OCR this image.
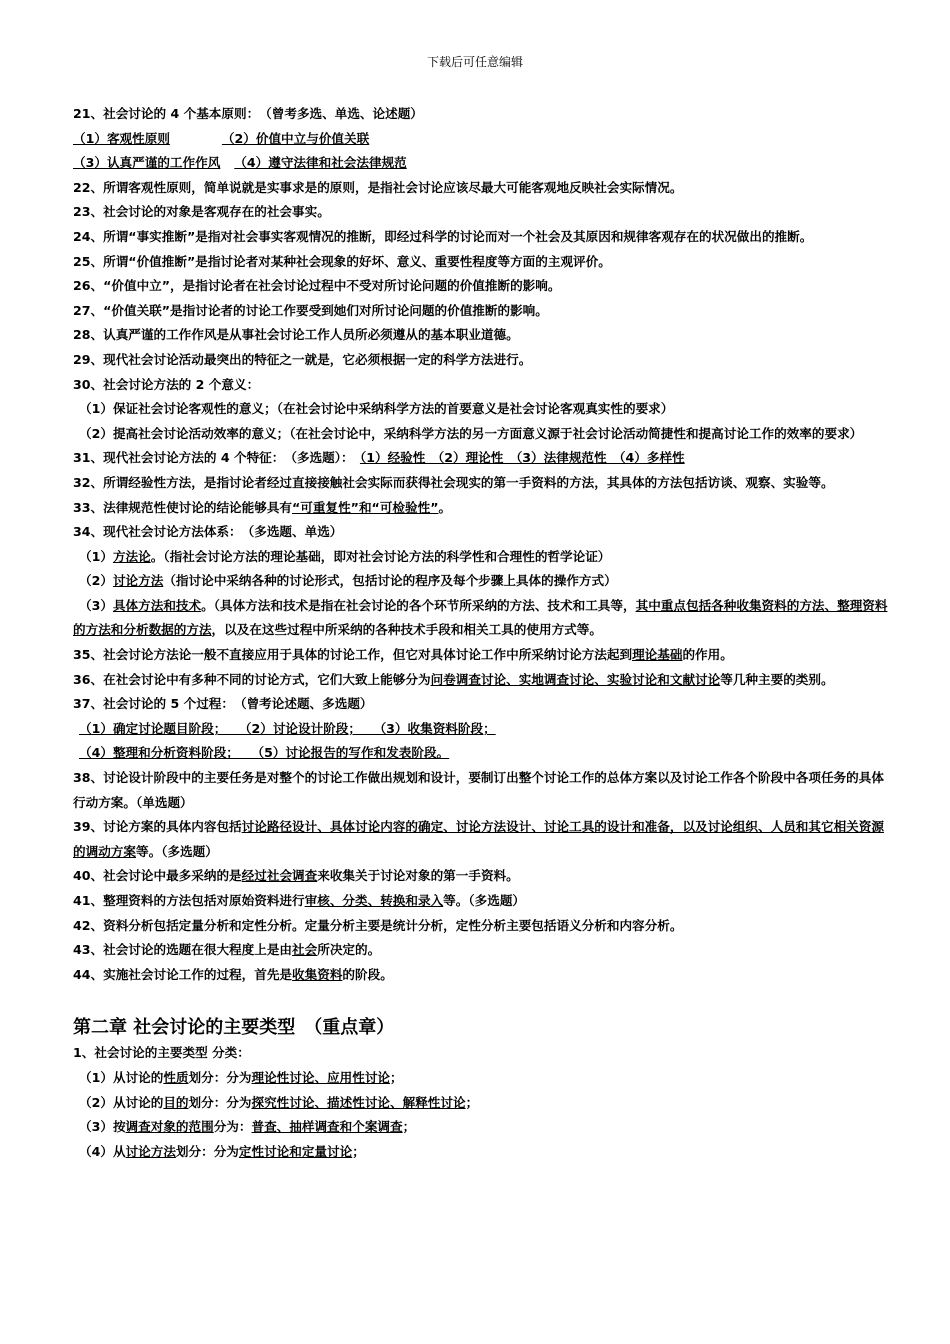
下载后可任意编辑
21、社会讨论的 4 个基本原则：　 （曾考多选、单选、论述题）
（1）客观性原则	（2）价值中立与价值关联
（3）认真严谨的工作作风 （4）遵守法律和社会法律规范
22、所谓客观性原则，简单说就是实事求是的原则，是指社会讨论应该尽最大可能客观地反映社会实际情况。
23、社会讨论的对象是客观存在的社会事实。
24、所谓“事实推断”是指对社会事实客观情况的推断，即经过科学的讨论而对一个社会及其原因和规律客观存在的状况做出的推断。
25、所谓“价值推断”是指讨论者对某种社会现象的好坏、意义、重要性程度等方面的主观评价。
26、“价值中立”，是指讨论者在社会讨论过程中不受对所讨论问题的价值推断的影响。
27、“价值关联”是指讨论者的讨论工作要受到她们对所讨论问题的价值推断的影响。
28、认真严谨的工作作风是从事社会讨论工作人员所必须遵从的基本职业道德。
29、现代社会讨论活动最突出的特征之一就是，它必须根据一定的科学方法进行。
30、社会讨论方法的 2 个意义：
（1）保证社会讨论客观性的意义；（在社会讨论中采纳科学方法的首要意义是社会讨论客观真实性的要求）
（2）提高社会讨论活动效率的意义；（在社会讨论中，采纳科学方法的另一方面意义源于社会讨论活动简捷性和提高讨论工作的效率的要求）
31、现代社会讨论方法的 4 个特征：　 （多选题）：　 （1）经验性　（2）理论性　（3）法律规范性　（4）多样性
32、所谓经验性方法，是指讨论者经过直接接触社会实际而获得社会现实的第一手资料的方法，其具体的方法包括访谈、观察、实验等。
33、法律规范性使讨论的结论能够具有“可重复性”和“可检验性”。
34、现代社会讨论方法体系：　 （多选题、单选）
（1）方法论。（指社会讨论方法的理论基础，即对社会讨论方法的科学性和合理性的哲学论证）
（2）讨论方法（指讨论中采纳各种的讨论形式，包括讨论的程序及每个步骤上具体的操作方式）
（3）具体方法和技术。（具体方法和技术是指在社会讨论的各个环节所采纳的方法、技术和工具等，其中重点包括各种收集资料的方法、整理资料的方法和分析数据的方法，以及在这些过程中所采纳的各种技术手段和相关工具的使用方式等。
35、社会讨论方法论一般不直接应用于具体的讨论工作，但它对具体讨论工作中所采纳讨论方法起到理论基础的作用。
36、在社会讨论中有多种不同的讨论方式，它们大致上能够分为问卷调查讨论、实地调查讨论、实验讨论和文献讨论等几种主要的类别。
37、社会讨论的 5 个过程：　 （曾考论述题、多选题）
（1）确定讨论题目阶段；　　（2）讨论设计阶段；　　（3）收集资料阶段；
（4）整理和分析资料阶段；　　（5）讨论报告的写作和发表阶段。
38、讨论设计阶段中的主要任务是对整个的讨论工作做出规划和设计，要制订出整个讨论工作的总体方案以及讨论工作各个阶段中各项任务的具体行动方案。（单选题）
39、讨论方案的具体内容包括讨论路径设计、具体讨论内容的确定、讨论方法设计、讨论工具的设计和准备，以及讨论组织、人员和其它相关资源的调动方案等。（多选题）
40、社会讨论中最多采纳的是经过社会调查来收集关于讨论对象的第一手资料。
41、整理资料的方法包括对原始资料进行审核、分类、转换和录入等。（多选题）
42、资料分析包括定量分析和定性分析。定量分析主要是统计分析，定性分析主要包括语义分析和内容分析。
43、社会讨论的选题在很大程度上是由社会所决定的。
44、实施社会讨论工作的过程，首先是收集资料的阶段。
第二章 社会讨论的主要类型　 （重点章）
1、社会讨论的主要类型 分类：
（1）从讨论的性质划分：分为理论性讨论、应用性讨论；
（2）从讨论的目的划分：分为探究性讨论、描述性讨论、解释性讨论；
（3）按调查对象的范围分为：普查、抽样调查和个案调查；
（4）从讨论方法划分：分为定性讨论和定量讨论；
